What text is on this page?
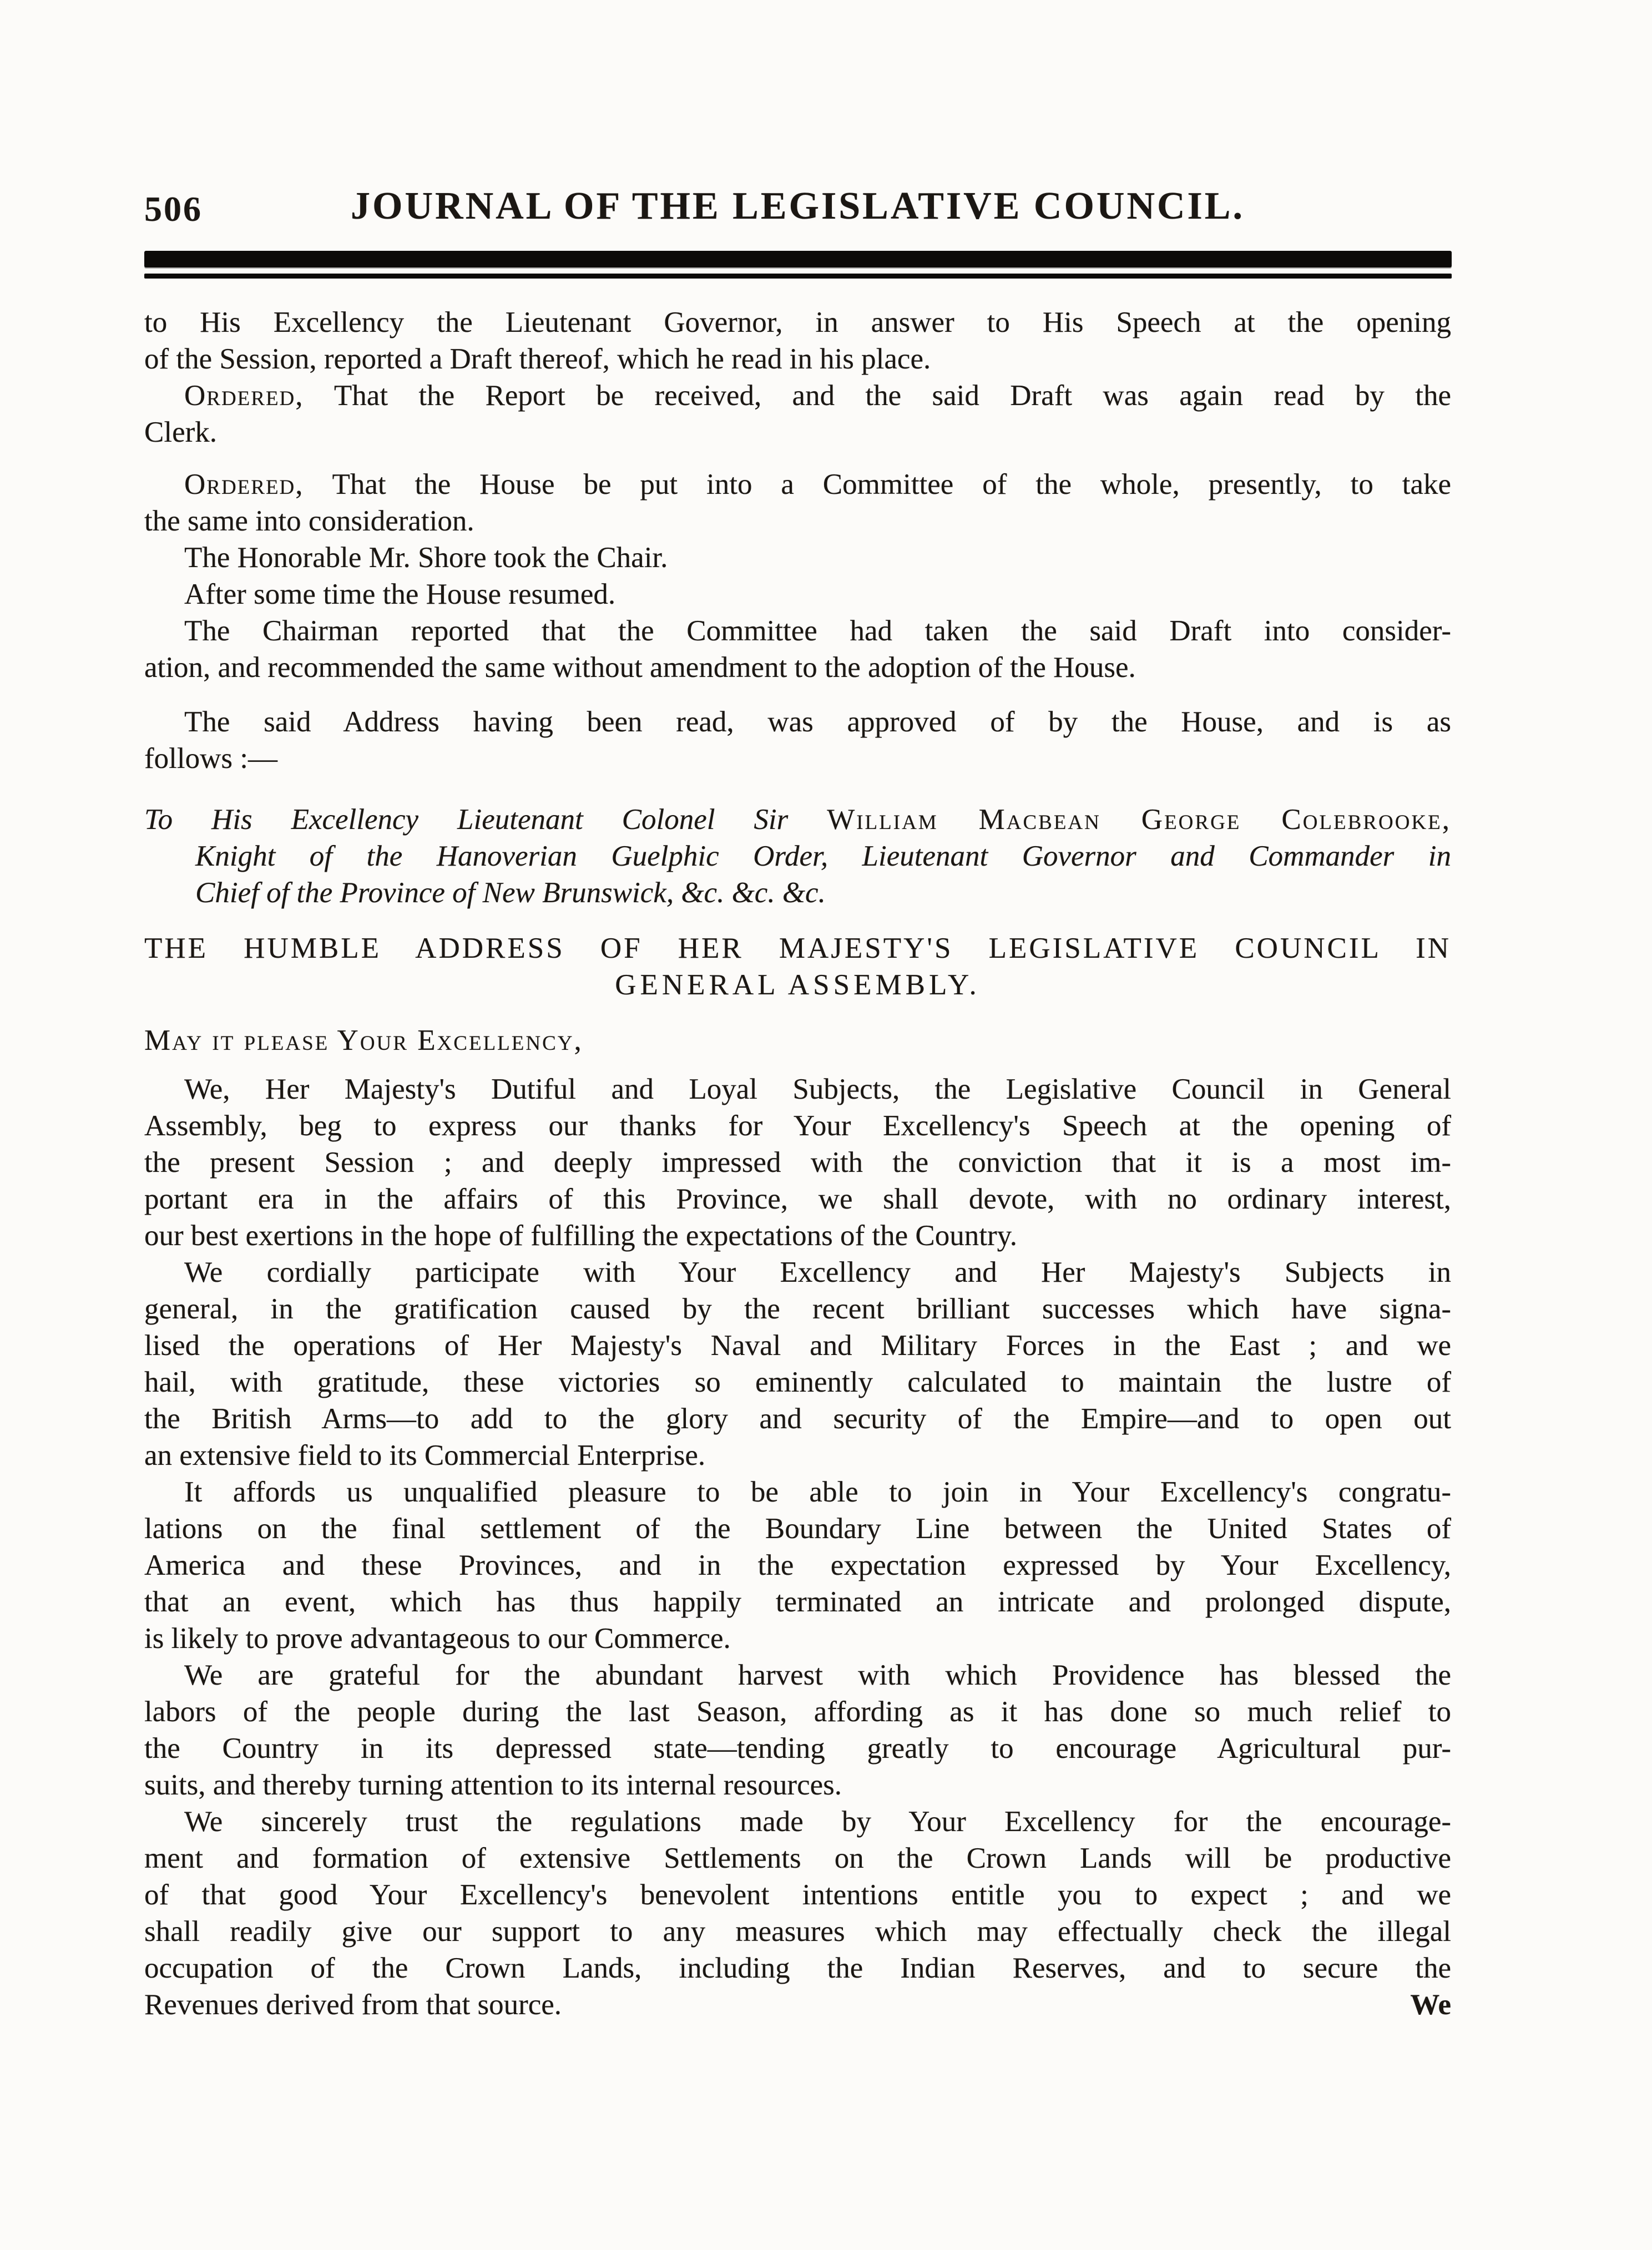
506	JOURNAL OF THE LEGISLATIVE COUNCIL.
to His Excellency the Lieutenant Governor, in answer to His Speech at the opening
of the Session, reported a Draft thereof, which he read in his place.
Ordered, That the Report be received, and the said Draft was again read by the
Clerk.
Ordered, That the House be put into a Committee of the whole, presently, to take
the same into consideration.
The Honorable Mr. Shore took the Chair.
After some time the House resumed.
The Chairman reported that the Committee had taken the said Draft into consider-
ation, and recommended the same without amendment to the adoption of the House.
The said Address having been read, was approved of by the House, and is as
follows :—
To His Excellency Lieutenant Colonel Sir William Macbean George Colebrooke,
Knight of the Hanoverian Guelphic Order, Lieutenant Governor and Commander in
Chief of the Province of New Brunswick, &c. &c. &c.
THE HUMBLE ADDRESS OF HER MAJESTY'S LEGISLATIVE COUNCIL IN
GENERAL ASSEMBLY.
May it please Your Excellency,
We, Her Majesty's Dutiful and Loyal Subjects, the Legislative Council in General
Assembly, beg to express our thanks for Your Excellency's Speech at the opening of
the present Session ; and deeply impressed with the conviction that it is a most im-
portant era in the affairs of this Province, we shall devote, with no ordinary interest,
our best exertions in the hope of fulfilling the expectations of the Country.
We cordially participate with Your Excellency and Her Majesty's Subjects in
general, in the gratification caused by the recent brilliant successes which have signa-
lised the operations of Her Majesty's Naval and Military Forces in the East ; and we
hail, with gratitude, these victories so eminently calculated to maintain the lustre of
the British Arms—to add to the glory and security of the Empire—and to open out
an extensive field to its Commercial Enterprise.
It affords us unqualified pleasure to be able to join in Your Excellency's congratu-
lations on the final settlement of the Boundary Line between the United States of
America and these Provinces, and in the expectation expressed by Your Excellency,
that an event, which has thus happily terminated an intricate and prolonged dispute,
is likely to prove advantageous to our Commerce.
We are grateful for the abundant harvest with which Providence has blessed the
labors of the people during the last Season, affording as it has done so much relief to
the Country in its depressed state—tending greatly to encourage Agricultural pur-
suits, and thereby turning attention to its internal resources.
We sincerely trust the regulations made by Your Excellency for the encourage-
ment and formation of extensive Settlements on the Crown Lands will be productive
of that good Your Excellency's benevolent intentions entitle you to expect ; and we
shall readily give our support to any measures which may effectually check the illegal
occupation of the Crown Lands, including the Indian Reserves, and to secure the
Revenues derived from that source.	We
